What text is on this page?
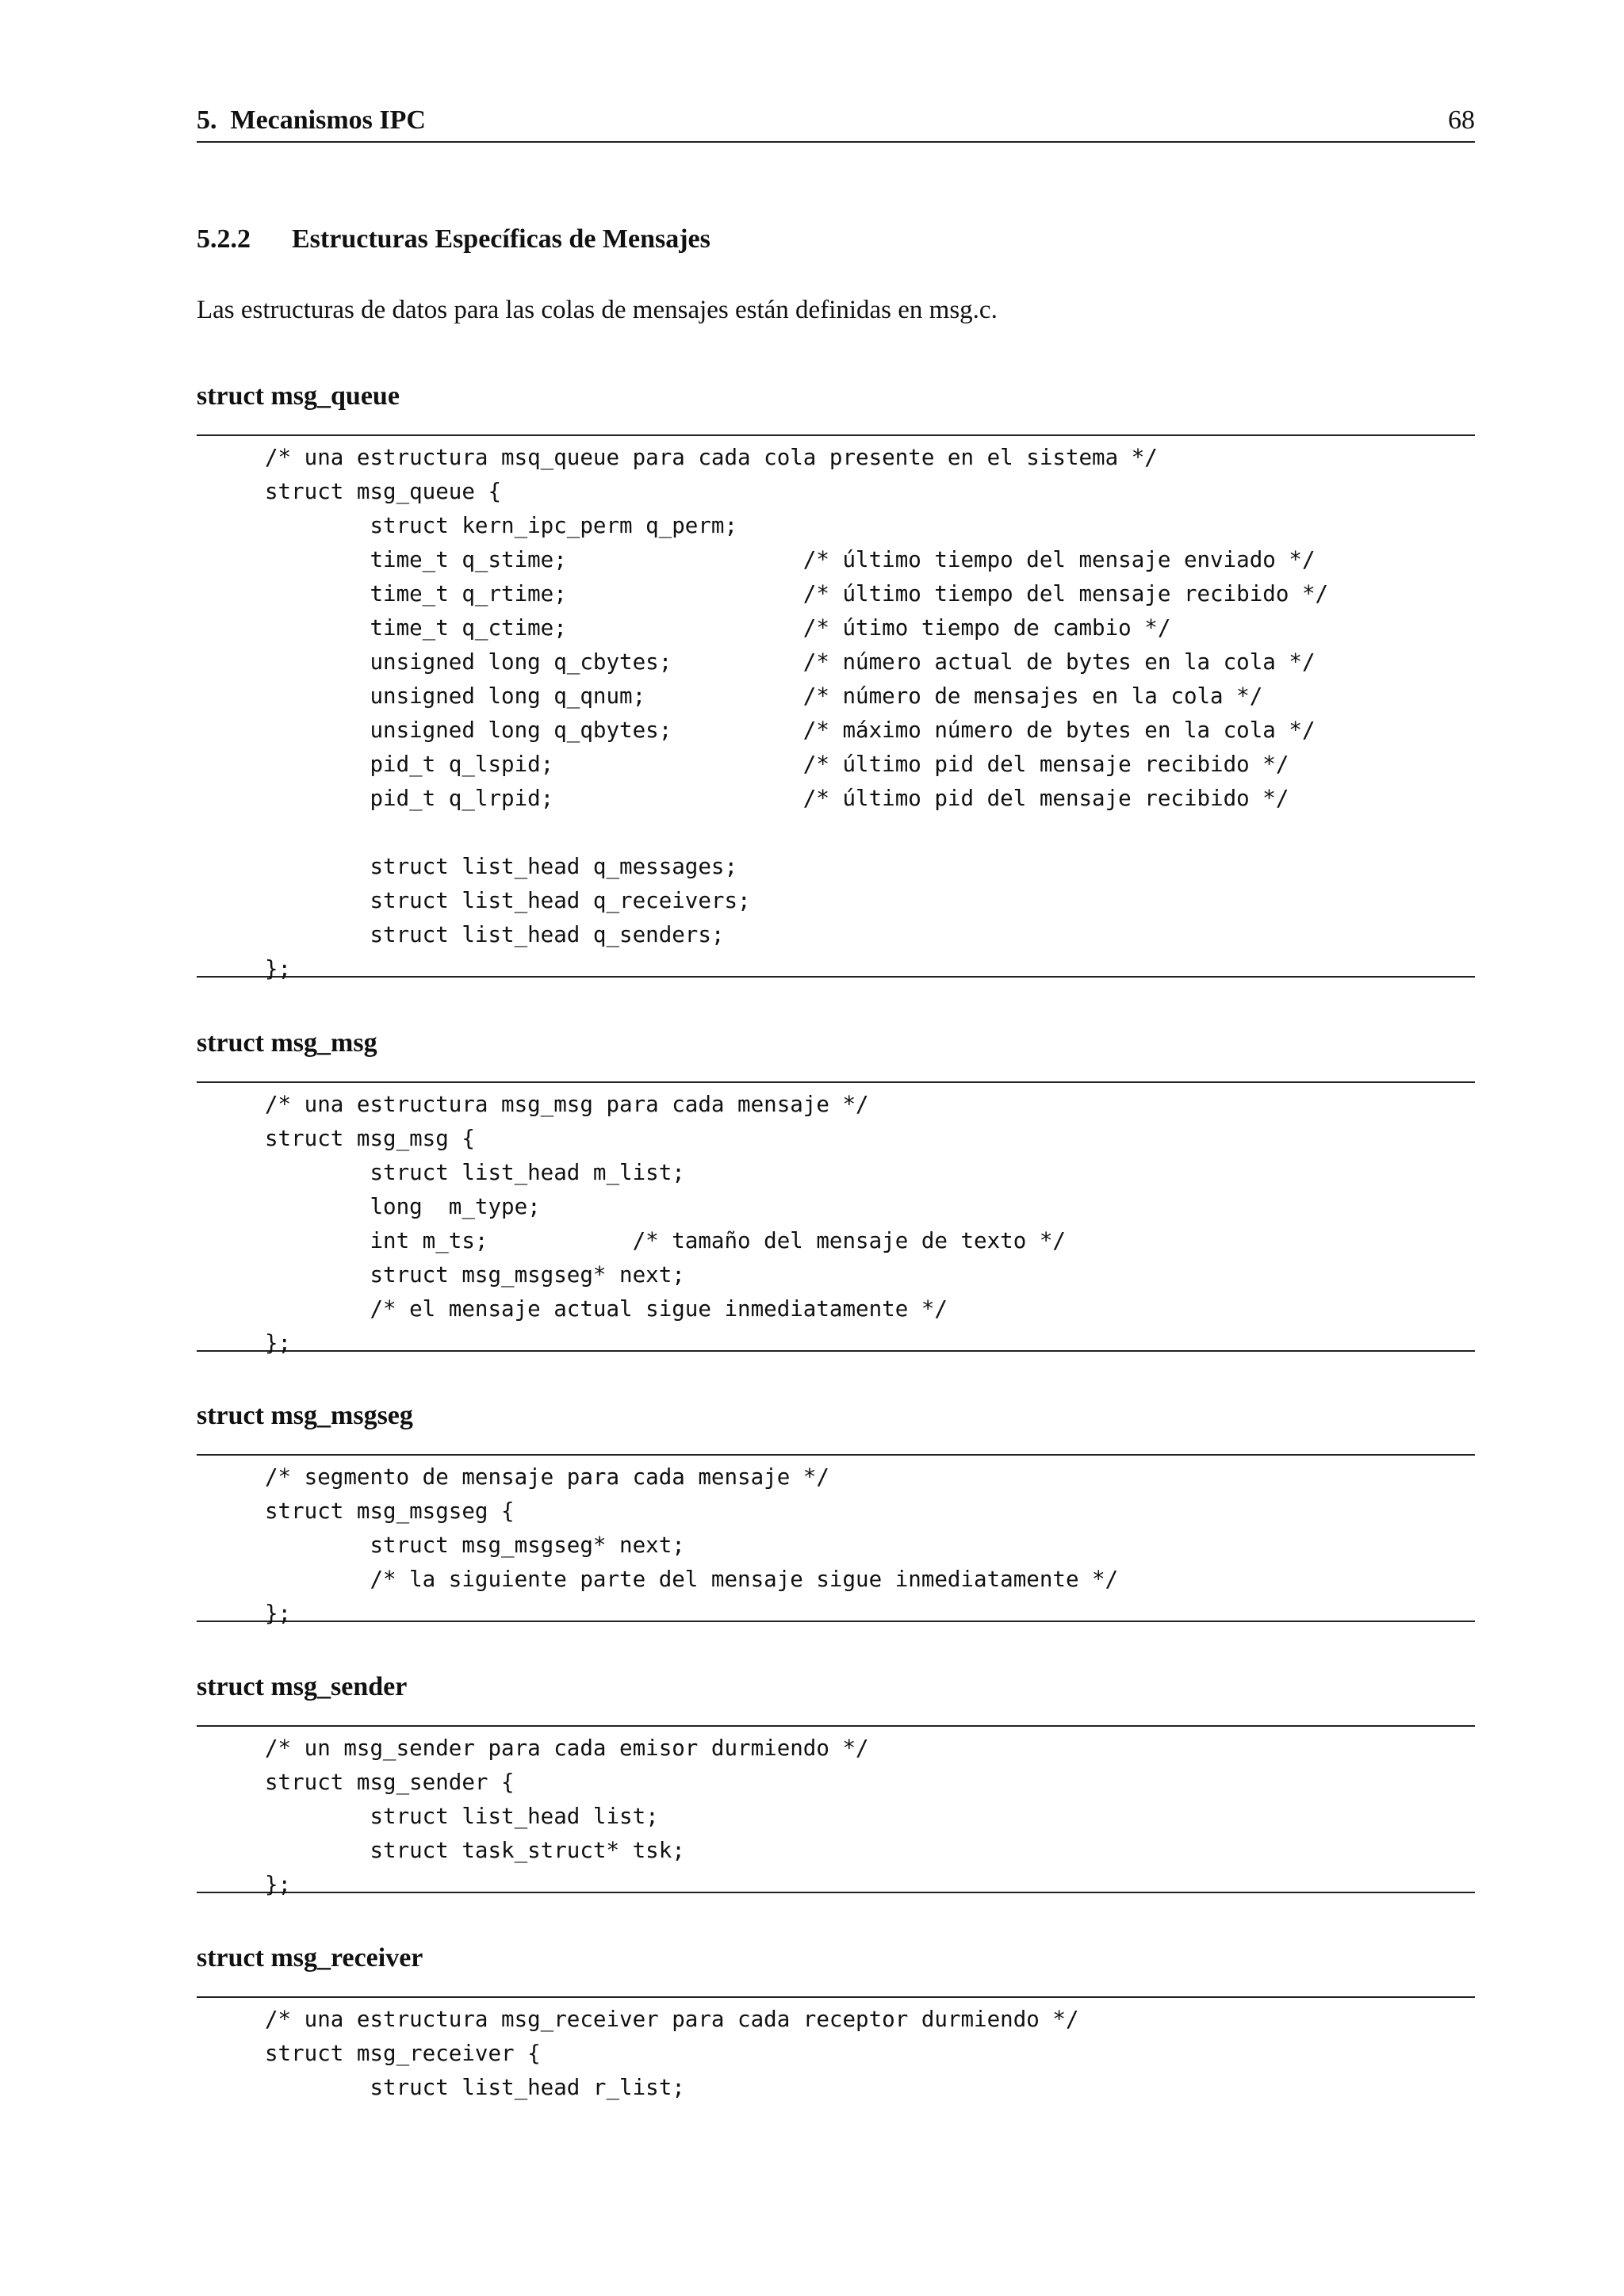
5.  Mecanismos IPC	68
5.2.2 Estructuras Específicas de Mensajes
Las estructuras de datos para las colas de mensajes están definidas en msg.c.
struct msg_queue
/* una estructura msq_queue para cada cola presente en el sistema */
struct msg_queue {
struct kern_ipc_perm q_perm;
time_t q_stime;                  /* último tiempo del mensaje enviado */
time_t q_rtime;                  /* último tiempo del mensaje recibido */
time_t q_ctime;                  /* útimo tiempo de cambio */
unsigned long q_cbytes;          /* número actual de bytes en la cola */
unsigned long q_qnum;            /* número de mensajes en la cola */
unsigned long q_qbytes;          /* máximo número de bytes en la cola */
pid_t q_lspid;                   /* último pid del mensaje recibido */
pid_t q_lrpid;                   /* último pid del mensaje recibido */
struct list_head q_messages;
struct list_head q_receivers;
struct list_head q_senders;
};
struct msg_msg
/* una estructura msg_msg para cada mensaje */
struct msg_msg {
struct list_head m_list;
long  m_type;
int m_ts;           /* tamaño del mensaje de texto */
struct msg_msgseg* next;
/* el mensaje actual sigue inmediatamente */
};
struct msg_msgseg
/* segmento de mensaje para cada mensaje */
struct msg_msgseg {
struct msg_msgseg* next;
/* la siguiente parte del mensaje sigue inmediatamente */
};
struct msg_sender
/* un msg_sender para cada emisor durmiendo */
struct msg_sender {
struct list_head list;
struct task_struct* tsk;
};
struct msg_receiver
/* una estructura msg_receiver para cada receptor durmiendo */
struct msg_receiver {
struct list_head r_list;
